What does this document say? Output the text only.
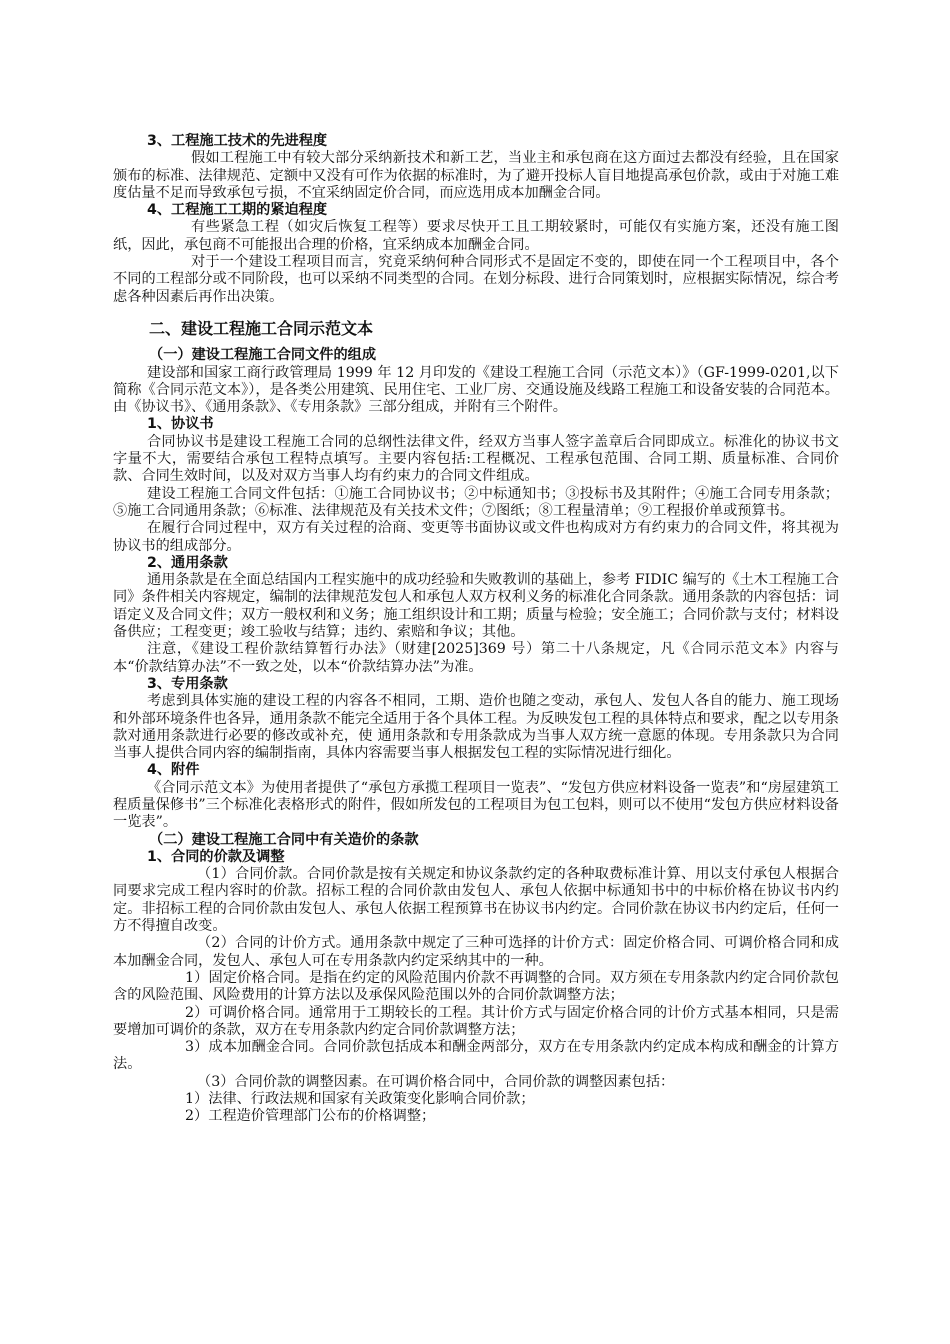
3、工程施工技术的先进程度

假如工程施工中有较大部分采纳新技术和新工艺，当业主和承包商在这方面过去都没有经验，且在国家颁布的标准、法律规范、定额中又没有可作为依据的标准时，为了避开投标人盲目地提高承包价款，或由于对施工难度估量不足而导致承包亏损，不宜采纳固定价合同，而应选用成本加酬金合同。

4、工程施工工期的紧迫程度

有些紧急工程（如灾后恢复工程等）要求尽快开工且工期较紧时，可能仅有实施方案，还没有施工图纸，因此，承包商不可能报出合理的价格，宜采纳成本加酬金合同。

对于一个建设工程项目而言，究竟采纳何种合同形式不是固定不变的，即使在同一个工程项目中，各个不同的工程部分或不同阶段，也可以采纳不同类型的合同。在划分标段、进行合同策划时，应根据实际情况，综合考虑各种因素后再作出决策。

二、建设工程施工合同示范文本

（一）建设工程施工合同文件的组成

建设部和国家工商行政管理局 1999 年 12 月印发的《建设工程施工合同（示范文本）》（GF-1999-0201,以下简称《合同示范文本》），是各类公用建筑、民用住宅、工业厂房、交通设施及线路工程施工和设备安装的合同范本。由《协议书》、《通用条款》、《专用条款》三部分组成，并附有三个附件。

1、协议书

合同协议书是建设工程施工合同的总纲性法律文件，经双方当事人签字盖章后合同即成立。标准化的协议书文字量不大，需要结合承包工程特点填写。主要内容包括:工程概况、工程承包范围、合同工期、质量标准、合同价款、合同生效时间，以及对双方当事人均有约束力的合同文件组成。

建设工程施工合同文件包括：①施工合同协议书；②中标通知书；③投标书及其附件；④施工合同专用条款；⑤施工合同通用条款；⑥标准、法律规范及有关技术文件；⑦图纸；⑧工程量清单；⑨工程报价单或预算书。

在履行合同过程中，双方有关过程的洽商、变更等书面协议或文件也构成对方有约束力的合同文件，将其视为协议书的组成部分。

2、通用条款

通用条款是在全面总结国内工程实施中的成功经验和失败教训的基础上，参考 FIDIC 编写的《土木工程施工合同》条件相关内容规定，编制的法律规范发包人和承包人双方权利义务的标准化合同条款。通用条款的内容包括：词语定义及合同文件；双方一般权利和义务；施工组织设计和工期；质量与检验；安全施工；合同价款与支付；材料设备供应；工程变更；竣工验收与结算；违约、索赔和争议；其他。

注意，《建设工程价款结算暂行办法》（财建[2025]369 号）第二十八条规定，凡《合同示范文本》内容与本“价款结算办法”不一致之处，以本“价款结算办法”为准。

3、专用条款

考虑到具体实施的建设工程的内容各不相同，工期、造价也随之变动，承包人、发包人各自的能力、施工现场和外部环境条件也各异，通用条款不能完全适用于各个具体工程。为反映发包工程的具体特点和要求，配之以专用条款对通用条款进行必要的修改或补充，使 通用条款和专用条款成为当事人双方统一意愿的体现。专用条款只为合同当事人提供合同内容的编制指南，具体内容需要当事人根据发包工程的实际情况进行细化。

4、附件

《合同示范文本》为使用者提供了“承包方承揽工程项目一览表”、“发包方供应材料设备一览表”和“房屋建筑工程质量保修书”三个标准化表格形式的附件，假如所发包的工程项目为包工包料，则可以不使用“发包方供应材料设备一览表”。

（二）建设工程施工合同中有关造价的条款

1、合同的价款及调整

（1）合同价款。合同价款是按有关规定和协议条款约定的各种取费标准计算、用以支付承包人根据合同要求完成工程内容时的价款。招标工程的合同价款由发包人、承包人依据中标通知书中的中标价格在协议书内约定。非招标工程的合同价款由发包人、承包人依据工程预算书在协议书内约定。合同价款在协议书内约定后，任何一方不得擅自改变。

（2）合同的计价方式。通用条款中规定了三种可选择的计价方式：固定价格合同、可调价格合同和成本加酬金合同，发包人、承包人可在专用条款内约定采纳其中的一种。

1）固定价格合同。是指在约定的风险范围内价款不再调整的合同。双方须在专用条款内约定合同价款包含的风险范围、风险费用的计算方法以及承保风险范围以外的合同价款调整方法；

2）可调价格合同。通常用于工期较长的工程。其计价方式与固定价格合同的计价方式基本相同，只是需要增加可调价的条款，双方在专用条款内约定合同价款调整方法；

3）成本加酬金合同。合同价款包括成本和酬金两部分，双方在专用条款内约定成本构成和酬金的计算方法。

（3）合同价款的调整因素。在可调价格合同中，合同价款的调整因素包括：

1）法律、行政法规和国家有关政策变化影响合同价款；

2）工程造价管理部门公布的价格调整；
